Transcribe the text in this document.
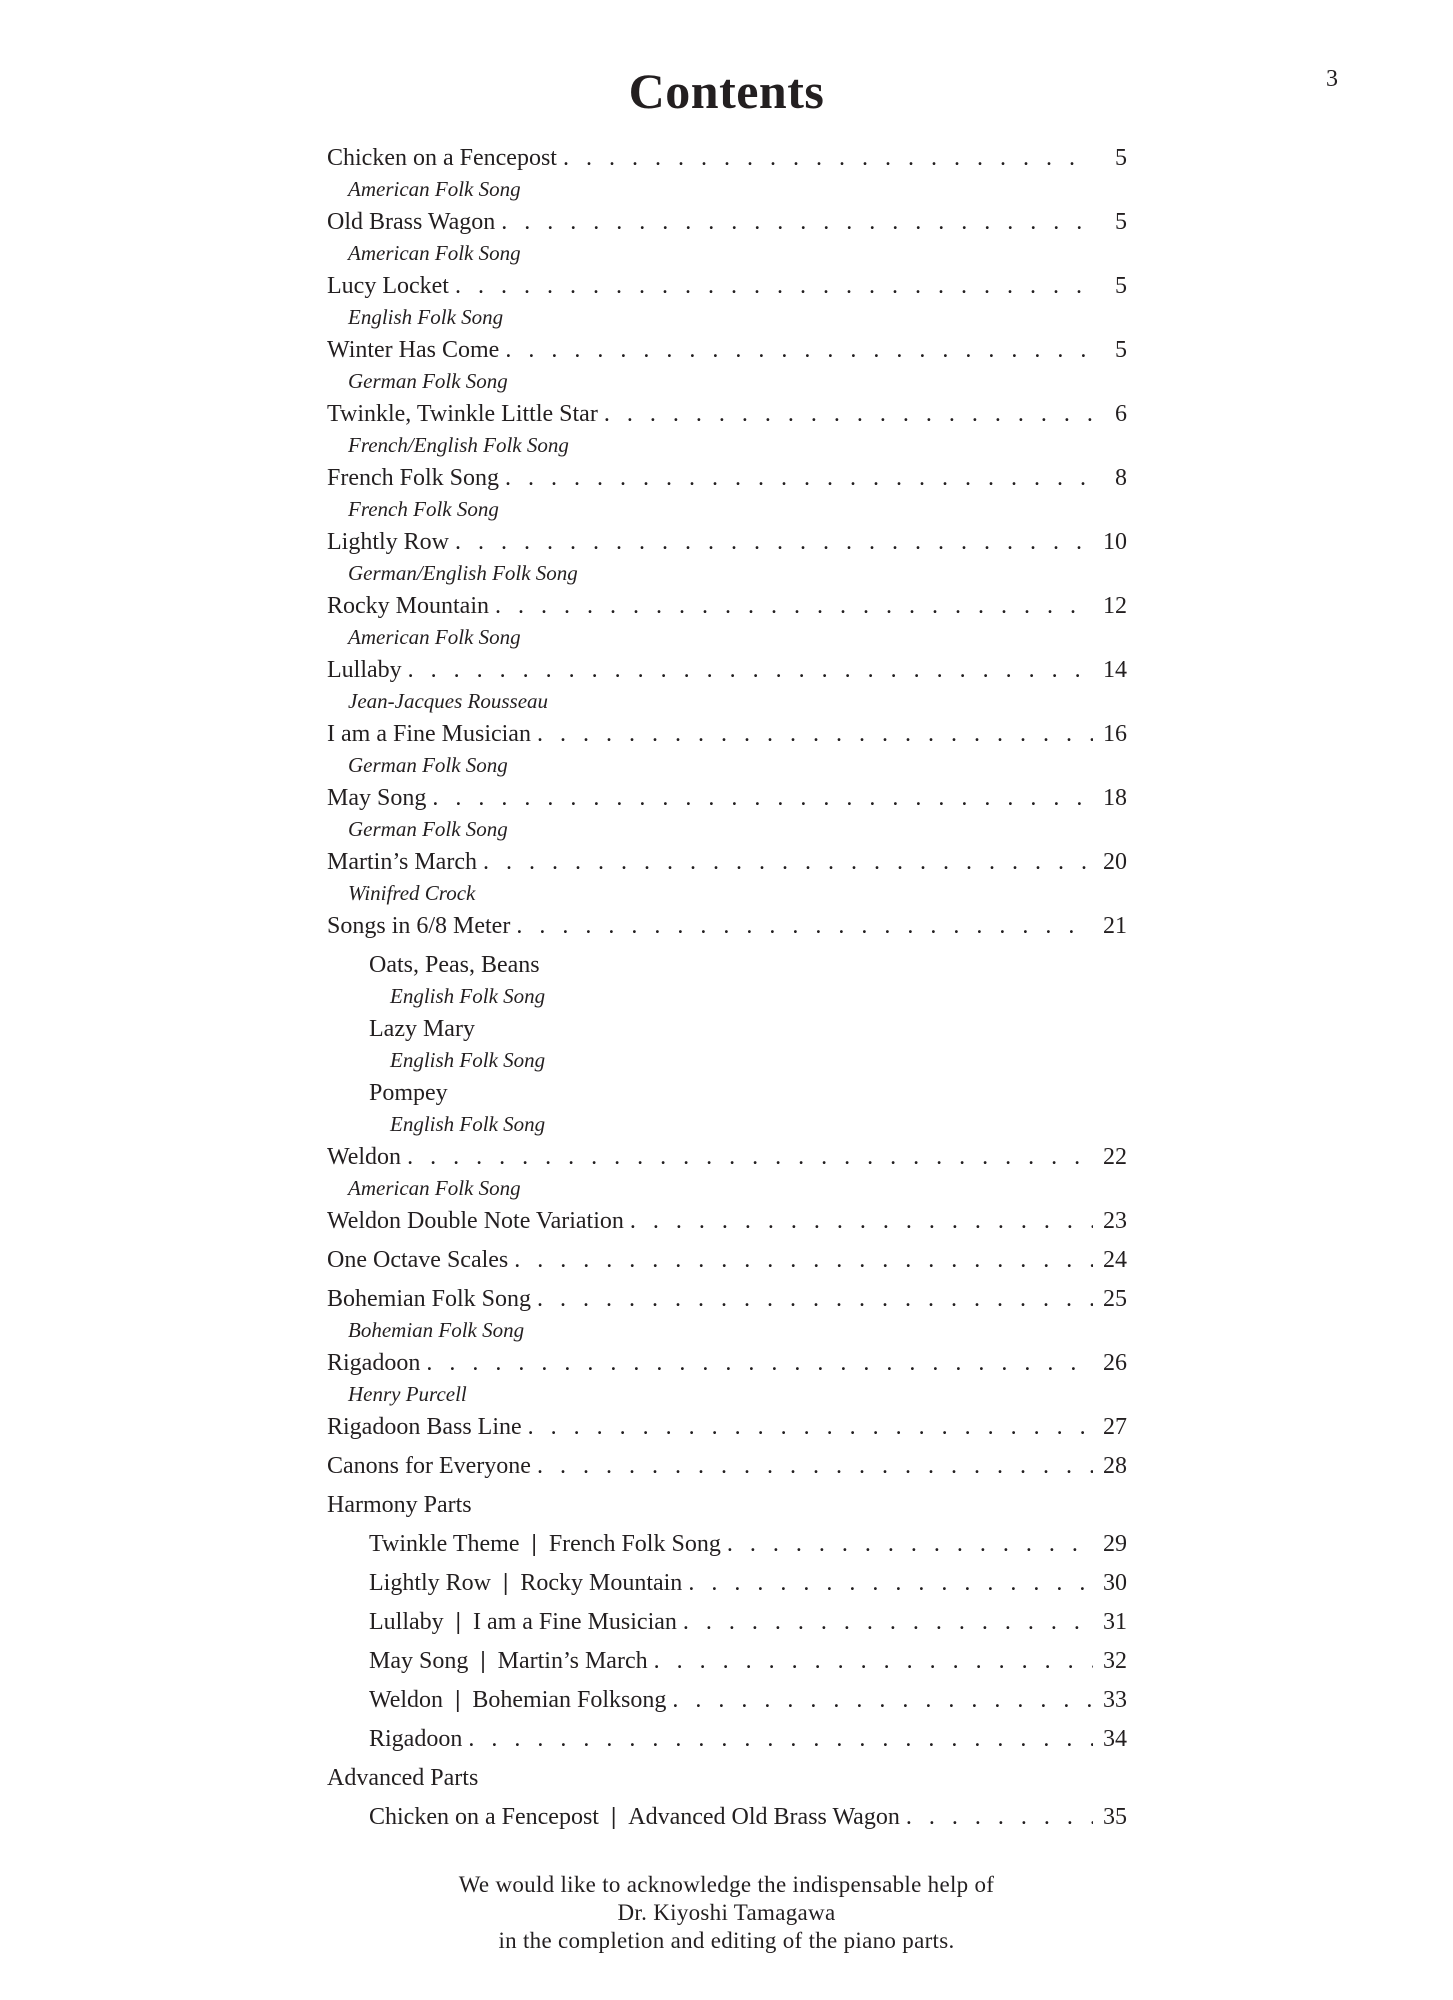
3
Contents
Chicken on a Fencepost . . .	5
American Folk Song
Old Brass Wagon . . .	5
American Folk Song
Lucy Locket . . .	5
English Folk Song
Winter Has Come . . .	5
German Folk Song
Twinkle, Twinkle Little Star . . .	6
French/English Folk Song
French Folk Song . . .	8
French Folk Song
Lightly Row . . .	10
German/English Folk Song
Rocky Mountain . . .	12
American Folk Song
Lullaby . . .	14
Jean-Jacques Rousseau
I am a Fine Musician . . .	16
German Folk Song
May Song . . .	18
German Folk Song
Martin’s March . . .	20
Winifred Crock
Songs in 6/8 Meter . . .	21
Oats, Peas, Beans
English Folk Song
Lazy Mary
English Folk Song
Pompey
English Folk Song
Weldon . . .	22
American Folk Song
Weldon Double Note Variation . . .	23
One Octave Scales . . .	24
Bohemian Folk Song . . .	25
Bohemian Folk Song
Rigadoon . . .	26
Henry Purcell
Rigadoon Bass Line . . .	27
Canons for Everyone . . .	28
Harmony Parts
Twinkle Theme | French Folk Song . . .	29
Lightly Row | Rocky Mountain . . .	30
Lullaby | I am a Fine Musician . . .	31
May Song | Martin’s March . . .	32
Weldon | Bohemian Folksong . . .	33
Rigadoon . . .	34
Advanced Parts
Chicken on a Fencepost | Advanced Old Brass Wagon . . .	35
We would like to acknowledge the indispensable help of
Dr. Kiyoshi Tamagawa
in the completion and editing of the piano parts.
